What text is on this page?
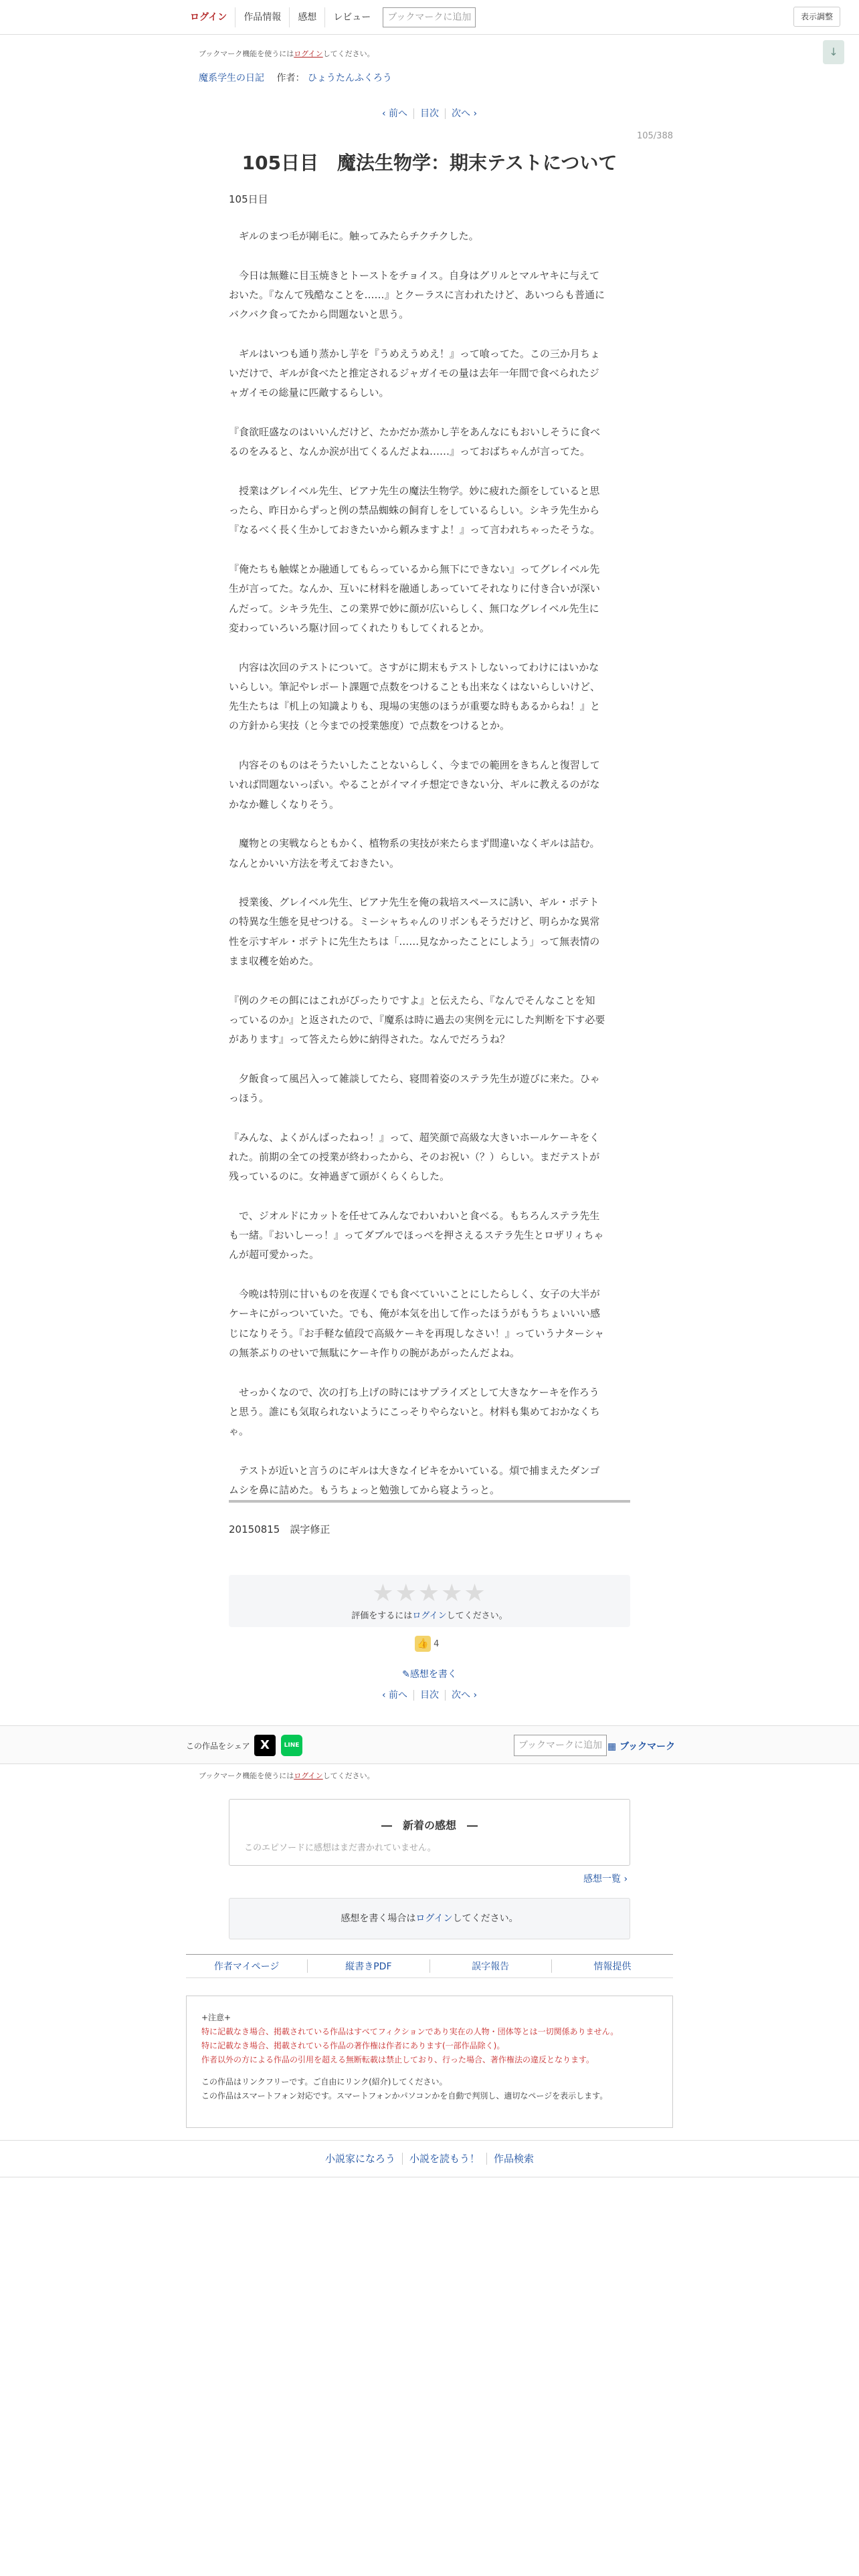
ログイン	作品情報	感想	レビュー	ブックマークに追加	表示調整
↓
ブックマーク機能を使うにはログインしてください。
魔系学生の日記 作者： ひょうたんふくろう
‹ 前へ 目次 次へ ›
105/388
105日目　魔法生物学：期末テストについて
105日目

　ギルのまつ毛が剛毛に。触ってみたらチクチクした。

　今日は無難に目玉焼きとトーストをチョイス。自身はグリルとマルヤキに与えて

おいた。『なんて残酷なことを……』とクーラスに言われたけど、あいつらも普通に

バクバク食ってたから問題ないと思う。

　ギルはいつも通り蒸かし芋を『うめえうめえ！』って喰ってた。この三か月ちょ

いだけで、ギルが食べたと推定されるジャガイモの量は去年一年間で食べられたジ

ャガイモの総量に匹敵するらしい。

『食欲旺盛なのはいいんだけど、たかだか蒸かし芋をあんなにもおいしそうに食べ

るのをみると、なんか涙が出てくるんだよね……』っておばちゃんが言ってた。

　授業はグレイベル先生、ピアナ先生の魔法生物学。妙に疲れた顔をしていると思

ったら、昨日からずっと例の禁品蜘蛛の飼育しをしているらしい。シキラ先生から

『なるべく長く生かしておきたいから頼みますよ！』って言われちゃったそうな。

『俺たちも触媒とか融通してもらっているから無下にできない』ってグレイベル先

生が言ってた。なんか、互いに材料を融通しあっていてそれなりに付き合いが深い

んだって。シキラ先生、この業界で妙に顔が広いらしく、無口なグレイベル先生に

変わっていろいろ駆け回ってくれたりもしてくれるとか。

　内容は次回のテストについて。さすがに期末もテストしないってわけにはいかな

いらしい。筆記やレポート課題で点数をつけることも出来なくはないらしいけど、

先生たちは『机上の知識よりも、現場の実態のほうが重要な時もあるからね！』と

の方針から実技（と今までの授業態度）で点数をつけるとか。

　内容そのものはそうたいしたことないらしく、今までの範囲をきちんと復習して

いれば問題ないっぽい。やることがイマイチ想定できない分、ギルに教えるのがな

かなか難しくなりそう。

　魔物との実戦ならともかく、植物系の実技が来たらまず間違いなくギルは詰む。

なんとかいい方法を考えておきたい。

　授業後、グレイベル先生、ピアナ先生を俺の栽培スペースに誘い、ギル・ポテト

の特異な生態を見せつける。ミーシャちゃんのリボンもそうだけど、明らかな異常

性を示すギル・ポテトに先生たちは「……見なかったことにしよう」って無表情の

まま収穫を始めた。

『例のクモの餌にはこれがぴったりですよ』と伝えたら、『なんでそんなことを知

っているのか』と返されたので、『魔系は時に過去の実例を元にした判断を下す必要

があります』って答えたら妙に納得された。なんでだろうね？

　夕飯食って風呂入って雑談してたら、寝間着姿のステラ先生が遊びに来た。ひゃ

っほう。

『みんな、よくがんばったねっ！』って、超笑顔で高級な大きいホールケーキをく

れた。前期の全ての授業が終わったから、そのお祝い（？）らしい。まだテストが

残っているのに。女神過ぎて頭がくらくらした。

　で、ジオルドにカットを任せてみんなでわいわいと食べる。もちろんステラ先生

も一緒。『おいしーっ！』ってダブルでほっぺを押さえるステラ先生とロザリィちゃ

んが超可愛かった。

　今晩は特別に甘いものを夜遅くでも食べていいことにしたらしく、女子の大半が

ケーキにがっついていた。でも、俺が本気を出して作ったほうがもうちょいいい感

じになりそう。『お手軽な値段で高級ケーキを再現しなさい！』っていうナターシャ

の無茶ぶりのせいで無駄にケーキ作りの腕があがったんだよね。

　せっかくなので、次の打ち上げの時にはサプライズとして大きなケーキを作ろう

と思う。誰にも気取られないようにこっそりやらないと。材料も集めておかなくち

ゃ。

　テストが近いと言うのにギルは大きなイビキをかいている。煩で捕まえたダンゴ

ムシを鼻に詰めた。もうちょっと勉強してから寝ようっと。

20150815　誤字修正
★★★★★
評価をするにはログインしてください。
👍 4
✎感想を書く
‹ 前へ 目次 次へ ›
この作品をシェア X	LINE	ブックマークに追加 ▦ ブックマーク
ブックマーク機能を使うにはログインしてください。
―　新着の感想　―
このエピソードに感想はまだ書かれていません。
感想一覧 ›
感想を書く場合はログインしてください。
作者マイページ	縦書きPDF	誤字報告	情報提供
+注意+
特に記載なき場合、掲載されている作品はすべてフィクションであり実在の人物・団体等とは一切関係ありません。
特に記載なき場合、掲載されている作品の著作権は作者にあります(一部作品除く)。
作者以外の方による作品の引用を超える無断転載は禁止しており、行った場合、著作権法の違反となります。
この作品はリンクフリーです。ご自由にリンク(紹介)してください。
この作品はスマートフォン対応です。スマートフォンかパソコンかを自動で判別し、適切なページを表示します。
小説家になろう 小説を読もう！ 作品検索
